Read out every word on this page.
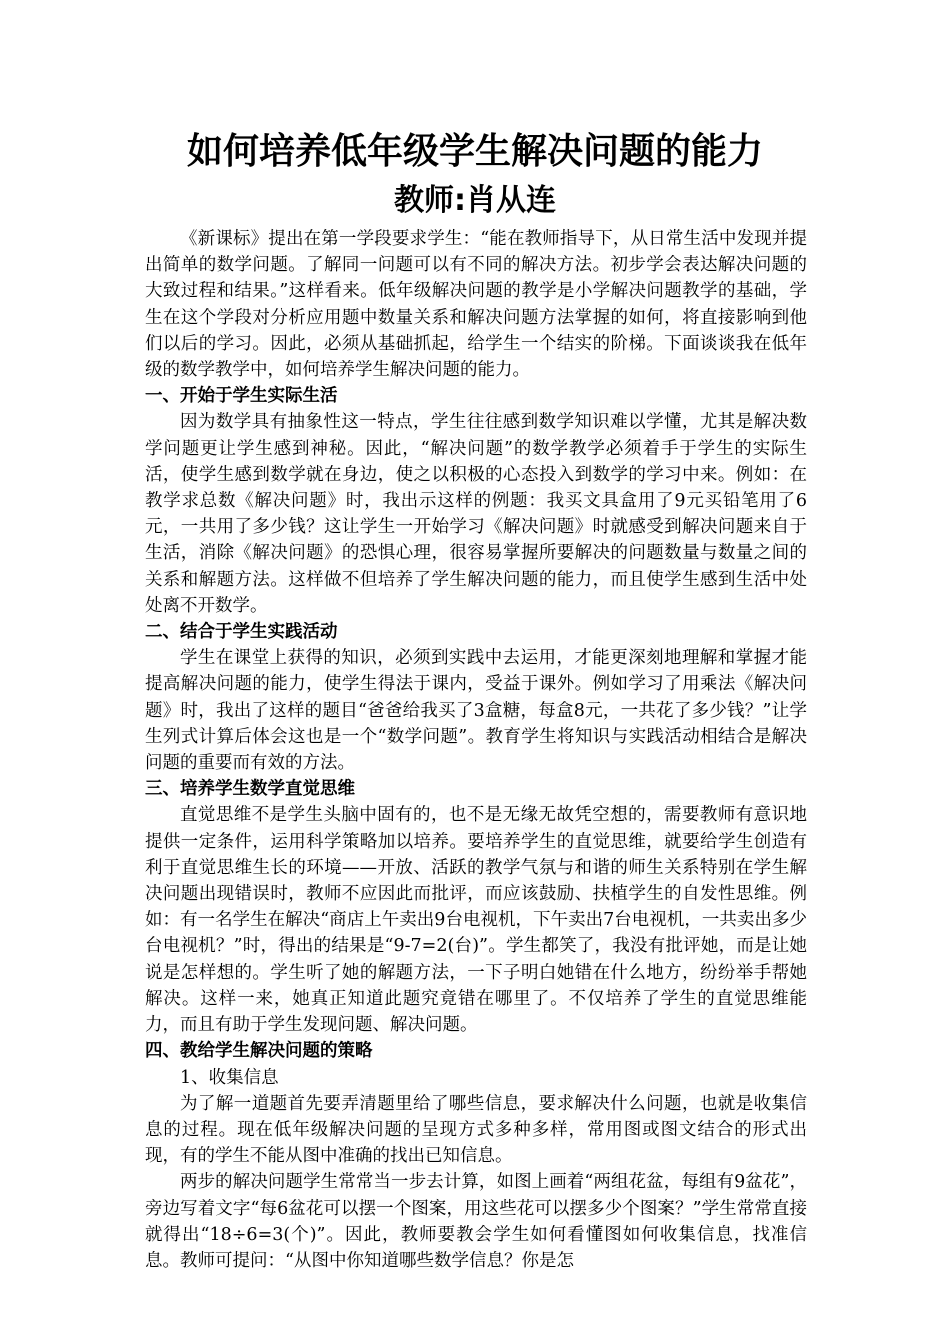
如何培养低年级学生解决问题的能力
教师:肖从连

《新课标》提出在第一学段要求学生：“能在教师指导下，从日常生活中发现并提出简单的数学问题。了解同一问题可以有不同的解决方法。初步学会表达解决问题的大致过程和结果。”这样看来。低年级解决问题的教学是小学解决问题教学的基础，学生在这个学段对分析应用题中数量关系和解决问题方法掌握的如何，将直接影响到他们以后的学习。因此，必须从基础抓起，给学生一个结实的阶梯。下面谈谈我在低年级的数学教学中，如何培养学生解决问题的能力。

一、开始于学生实际生活

因为数学具有抽象性这一特点，学生往往感到数学知识难以学懂，尤其是解决数学问题更让学生感到神秘。因此，“解决问题”的数学教学必须着手于学生的实际生活，使学生感到数学就在身边，使之以积极的心态投入到数学的学习中来。例如：在教学求总数《解决问题》时，我出示这样的例题：我买文具盒用了9元买铅笔用了6元，一共用了多少钱？这让学生一开始学习《解决问题》时就感受到解决问题来自于生活，消除《解决问题》的恐惧心理，很容易掌握所要解决的问题数量与数量之间的关系和解题方法。这样做不但培养了学生解决问题的能力，而且使学生感到生活中处处离不开数学。

二、结合于学生实践活动

学生在课堂上获得的知识，必须到实践中去运用，才能更深刻地理解和掌握才能提高解决问题的能力，使学生得法于课内，受益于课外。例如学习了用乘法《解决问题》时，我出了这样的题目“爸爸给我买了3盒糖，每盒8元，一共花了多少钱？”让学生列式计算后体会这也是一个“数学问题”。教育学生将知识与实践活动相结合是解决问题的重要而有效的方法。

三、培养学生数学直觉思维

直觉思维不是学生头脑中固有的，也不是无缘无故凭空想的，需要教师有意识地提供一定条件，运用科学策略加以培养。要培养学生的直觉思维，就要给学生创造有利于直觉思维生长的环境——开放、活跃的教学气氛与和谐的师生关系特别在学生解决问题出现错误时，教师不应因此而批评，而应该鼓励、扶植学生的自发性思维。例如：有一名学生在解决“商店上午卖出9台电视机，下午卖出7台电视机，一共卖出多少台电视机？”时，得出的结果是“9-7=2(台)”。学生都笑了，我没有批评她，而是让她说是怎样想的。学生听了她的解题方法，一下子明白她错在什么地方，纷纷举手帮她解决。这样一来，她真正知道此题究竟错在哪里了。不仅培养了学生的直觉思维能力，而且有助于学生发现问题、解决问题。

四、教给学生解决问题的策略

1、收集信息

为了解一道题首先要弄清题里给了哪些信息，要求解决什么问题，也就是收集信息的过程。现在低年级解决问题的呈现方式多种多样，常用图或图文结合的形式出现，有的学生不能从图中准确的找出已知信息。

两步的解决问题学生常常当一步去计算，如图上画着“两组花盆，每组有9盆花”，旁边写着文字“每6盆花可以摆一个图案，用这些花可以摆多少个图案？”学生常常直接就得出“18÷6=3(个)”。因此，教师要教会学生如何看懂图如何收集信息，找准信息。教师可提问：“从图中你知道哪些数学信息？你是怎
